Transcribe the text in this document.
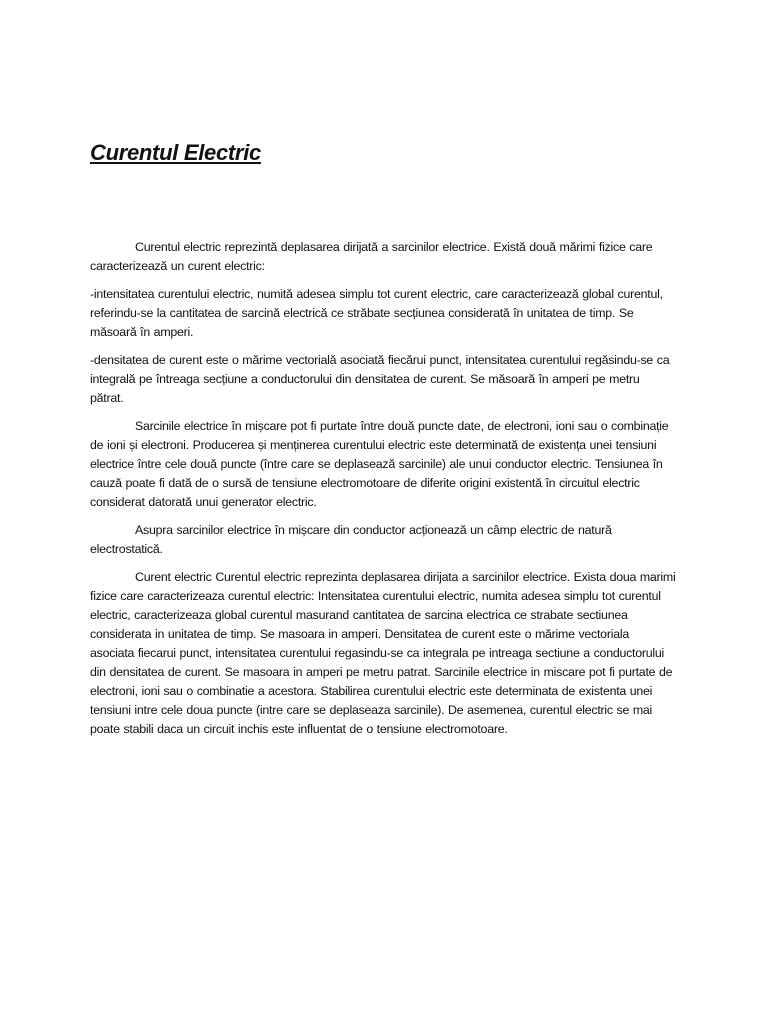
Curentul Electric

Curentul electric reprezintă deplasarea dirijată a sarcinilor electrice. Există două mărimi fizice care caracterizează un curent electric:

-intensitatea curentului electric, numită adesea simplu tot curent electric, care caracterizează global curentul, referindu-se la cantitatea de sarcină electrică ce străbate secțiunea considerată în unitatea de timp. Se măsoară în amperi.

-densitatea de curent este o mărime vectorială asociată fiecărui punct, intensitatea curentului regăsindu-se ca integrală pe întreaga secțiune a conductorului din densitatea de curent. Se măsoară în amperi pe metru pătrat.

Sarcinile electrice în mișcare pot fi purtate între două puncte date, de electroni, ioni sau o combinație de ioni și electroni. Producerea și menținerea curentului electric este determinată de existența unei tensiuni electrice între cele două puncte (între care se deplasează sarcinile) ale unui conductor electric. Tensiunea în cauză poate fi dată de o sursă de tensiune electromotoare de diferite origini existentă în circuitul electric considerat datorată unui generator electric.

Asupra sarcinilor electrice în mișcare din conductor acționează un câmp electric de natură electrostatică.

Curent electric Curentul electric reprezinta deplasarea dirijata a sarcinilor electrice. Exista doua marimi fizice care caracterizeaza curentul electric: Intensitatea curentului electric, numita adesea simplu tot curentul electric, caracterizeaza global curentul masurand cantitatea de sarcina electrica ce strabate sectiunea considerata in unitatea de timp. Se masoara in amperi. Densitatea de curent este o mărime vectoriala asociata fiecarui punct, intensitatea curentului regasindu-se ca integrala pe intreaga sectiune a conductorului din densitatea de curent. Se masoara in amperi pe metru patrat. Sarcinile electrice in miscare pot fi purtate de electroni, ioni sau o combinatie a acestora. Stabilirea curentului electric este determinata de existenta unei tensiuni intre cele doua puncte (intre care se deplaseaza sarcinile). De asemenea, curentul electric se mai poate stabili daca un circuit inchis este influentat de o tensiune electromotoare.
